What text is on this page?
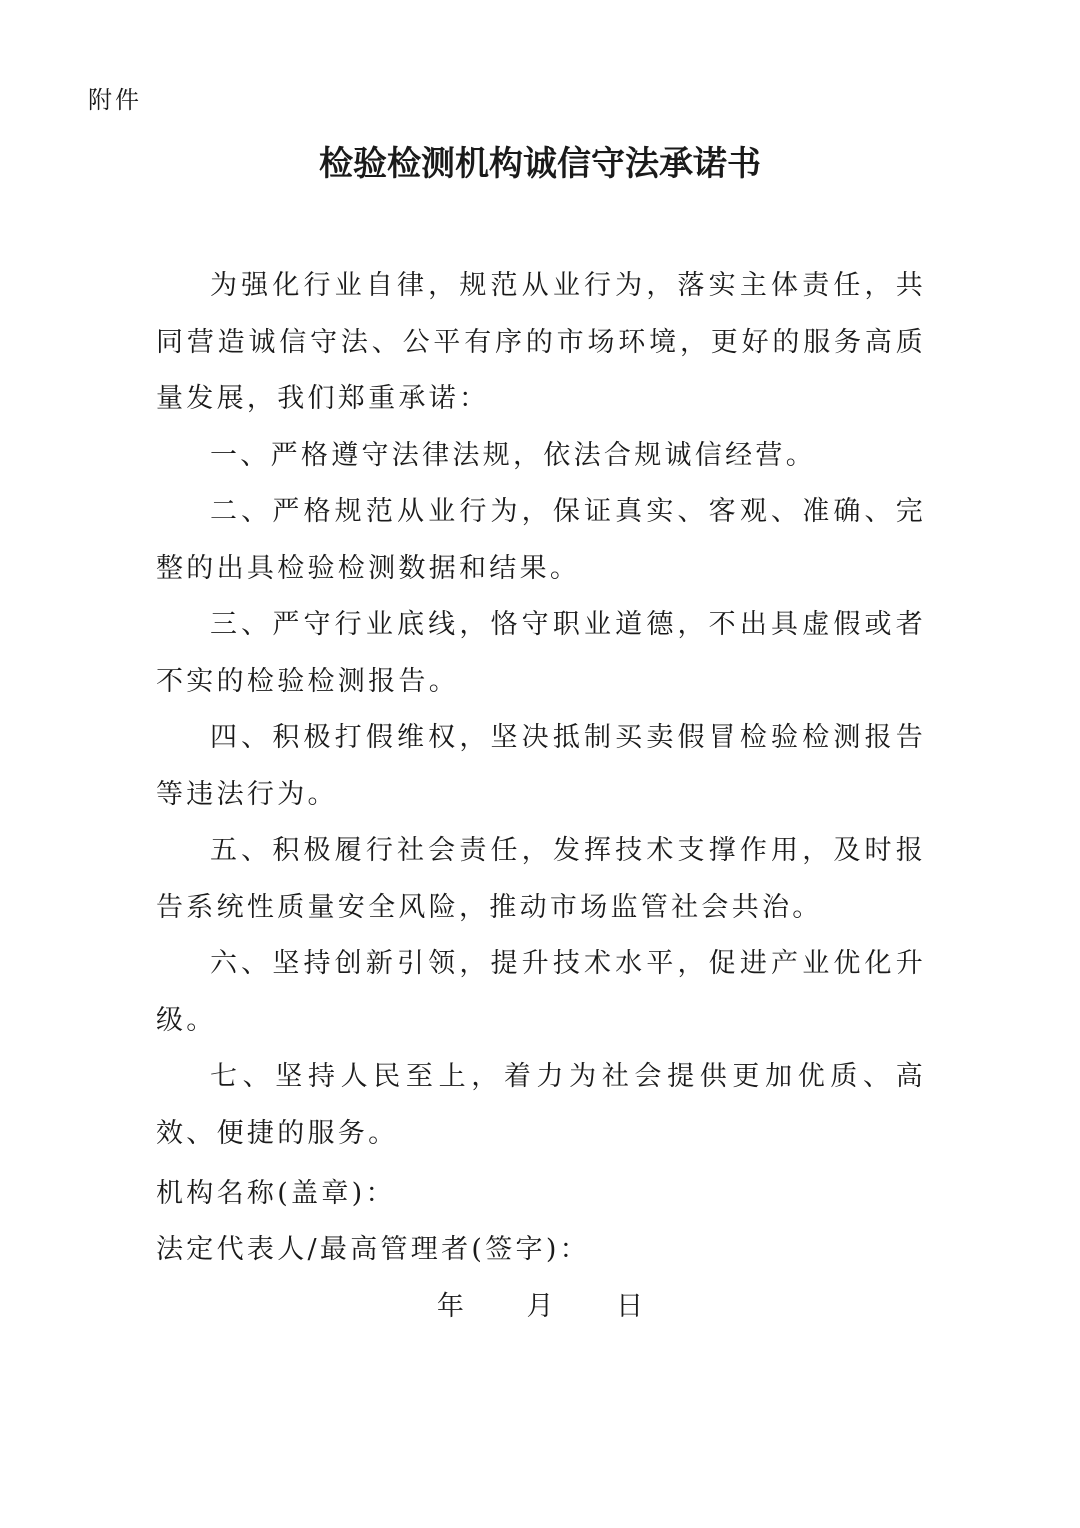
附件
检验检测机构诚信守法承诺书

为强化行业自律，规范从业行为，落实主体责任，共同营造诚信守法、公平有序的市场环境，更好的服务高质量发展，我们郑重承诺：

一、严格遵守法律法规，依法合规诚信经营。

二、严格规范从业行为，保证真实、客观、准确、完整的出具检验检测数据和结果。

三、严守行业底线，恪守职业道德，不出具虚假或者不实的检验检测报告。

四、积极打假维权，坚决抵制买卖假冒检验检测报告等违法行为。

五、积极履行社会责任，发挥技术支撑作用，及时报告系统性质量安全风险，推动市场监管社会共治。

六、坚持创新引领，提升技术水平，促进产业优化升级。

七、坚持人民至上，着力为社会提供更加优质、高效、便捷的服务。

机构名称(盖章)：

法定代表人/最高管理者(签字)：

年 月 日
